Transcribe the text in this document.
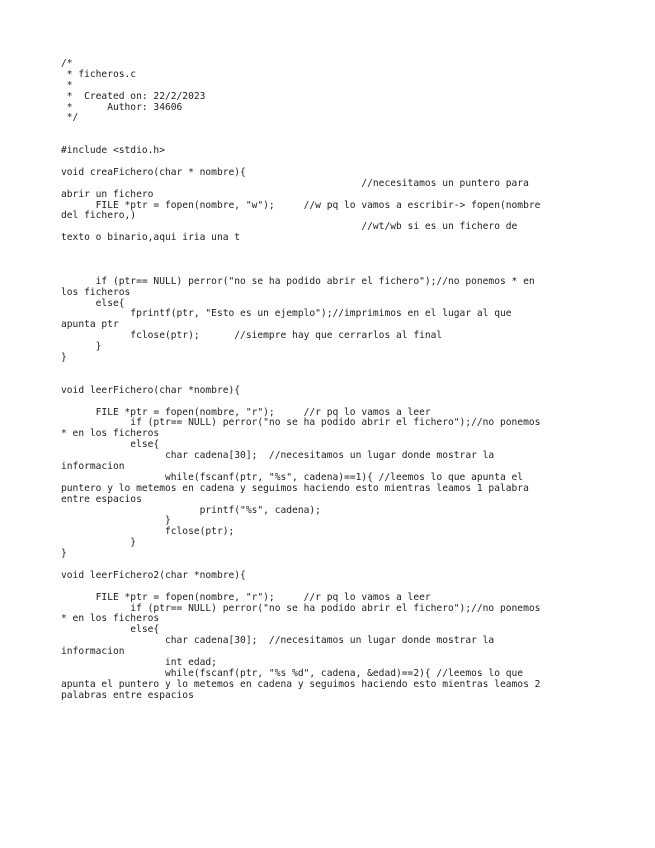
/*
* ficheros.c
*
*  Created on: 22/2/2023
*      Author: 34606
*/
#include <stdio.h>
void creaFichero(char * nombre){
//necesitamos un puntero para
abrir un fichero
FILE *ptr = fopen(nombre, "w");     //w pq lo vamos a escribir-> fopen(nombre
del fichero,)
//wt/wb si es un fichero de
texto o binario,aqui iria una t
if (ptr== NULL) perror("no se ha podido abrir el fichero");//no ponemos * en
los ficheros
else{
fprintf(ptr, "Esto es un ejemplo");//imprimimos en el lugar al que
apunta ptr
fclose(ptr);      //siempre hay que cerrarlos al final
}
}
void leerFichero(char *nombre){
FILE *ptr = fopen(nombre, "r");     //r pq lo vamos a leer
if (ptr== NULL) perror("no se ha podido abrir el fichero");//no ponemos
* en los ficheros
else{
char cadena[30];  //necesitamos un lugar donde mostrar la
informacion
while(fscanf(ptr, "%s", cadena)==1){ //leemos lo que apunta el
puntero y lo metemos en cadena y seguimos haciendo esto mientras leamos 1 palabra
entre espacios
printf("%s", cadena);
}
fclose(ptr);
}
}
void leerFichero2(char *nombre){
FILE *ptr = fopen(nombre, "r");     //r pq lo vamos a leer
if (ptr== NULL) perror("no se ha podido abrir el fichero");//no ponemos
* en los ficheros
else{
char cadena[30];  //necesitamos un lugar donde mostrar la
informacion
int edad;
while(fscanf(ptr, "%s %d", cadena, &edad)==2){ //leemos lo que
apunta el puntero y lo metemos en cadena y seguimos haciendo esto mientras leamos 2
palabras entre espacios
